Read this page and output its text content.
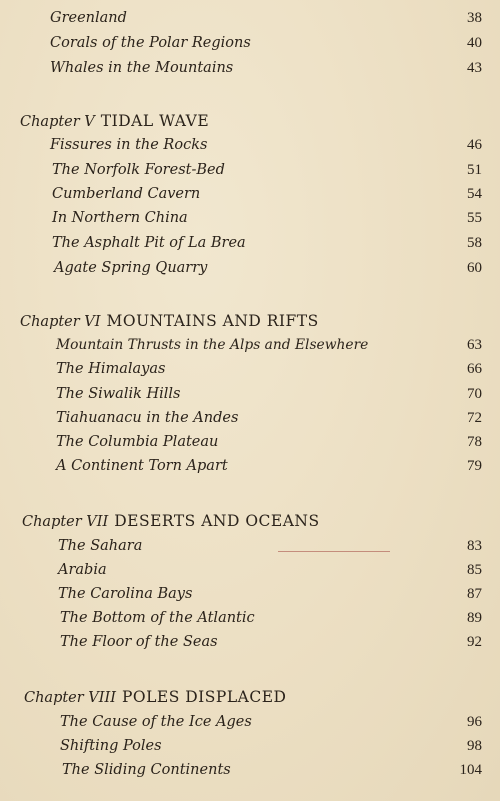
Greenland	38
Corals of the Polar Regions	40
Whales in the Mountains	43
Chapter V TIDAL WAVE
Fissures in the Rocks	46
The Norfolk Forest-Bed	51
Cumberland Cavern	54
In Northern China	55
The Asphalt Pit of La Brea	58
Agate Spring Quarry	60
Chapter VI MOUNTAINS AND RIFTS
Mountain Thrusts in the Alps and Elsewhere	63
The Himalayas	66
The Siwalik Hills	70
Tiahuanacu in the Andes	72
The Columbia Plateau	78
A Continent Torn Apart	79
Chapter VII DESERTS AND OCEANS
The Sahara	83
Arabia	85
The Carolina Bays	87
The Bottom of the Atlantic	89
The Floor of the Seas	92
Chapter VIII POLES DISPLACED
The Cause of the Ice Ages	96
Shifting Poles	98
The Sliding Continents	104
